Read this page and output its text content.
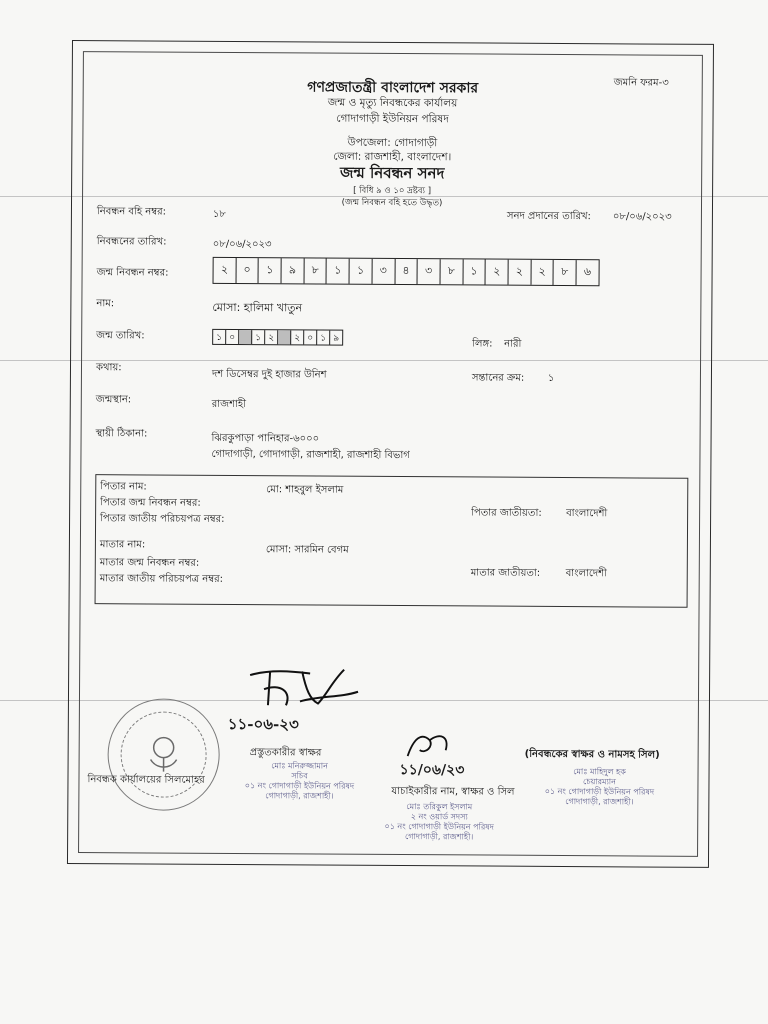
গণপ্রজাতন্ত্রী বাংলাদেশ সরকার	জমনি ফরম-৩
জন্ম ও মৃত্যু নিবন্ধকের কার্যালয়
গোদাগাড়ী ইউনিয়ন পরিষদ
উপজেলা: গোদাগাড়ী
জেলা: রাজশাহী, বাংলাদেশ।
জন্ম নিবন্ধন সনদ
[ বিধি ৯ ও ১০ দ্রষ্টব্য ]
(জন্ম নিবন্ধন বহি হতে উদ্ধৃত)
নিবন্ধন বহি নম্বর:	১৮	সনদ প্রদানের তারিখ: ০৮/০৬/২০২৩
নিবন্ধনের তারিখ:	০৮/০৬/২০২৩
জন্ম নিবন্ধন নম্বর:	২	০	১	৯	৮	১	১	৩	৪	৩	৮	১	২	২	২	৮	৬
নাম:	মোসা: হালিমা খাতুন
জন্ম তারিখ:	১ ০	১ ২	২ ০ ১ ৯
লিঙ্গ: নারী
কথায়:
দশ ডিসেম্বর দুই হাজার উনিশ	সন্তানের ক্রম: ১
জন্মস্থান:	রাজশাহী
স্থায়ী ঠিকানা:	ঝিরকুপাড়া পানিহার-৬০০০
গোদাগাড়ী, গোদাগাড়ী, রাজশাহী, রাজশাহী বিভাগ
পিতার নাম:	মো: শাহবুল ইসলাম
পিতার জন্ম নিবন্ধন নম্বর:
পিতার জাতীয় পরিচয়পত্র নম্বর:
পিতার জাতীয়তা: বাংলাদেশী
মাতার নাম:	মোসা: সারমিন বেগম
মাতার জন্ম নিবন্ধন নম্বর:
মাতার জাতীয় পরিচয়পত্র নম্বর:
মাতার জাতীয়তা:	বাংলাদেশী
১১-০৬-২৩
প্রস্তুতকারীর স্বাক্ষর
মোঃ মনিরুজ্জামান
সচিব
০১ নং গোদাগাড়ী ইউনিয়ন পরিষদ
গোদাগাড়ী, রাজশাহী।
নিবন্ধক কার্যালয়ের সিলমোহর
১১/০৬/২৩
যাচাইকারীর নাম, স্বাক্ষর ও সিল
মোঃ তরিকুল ইসলাম
২ নং ওয়ার্ড সদস্য
০১ নং গোদাগাড়ী ইউনিয়ন পরিষদ
গোদাগাড়ী, রাজশাহী।
(নিবন্ধকের স্বাক্ষর ও নামসহ সিল)
মোঃ মাহিদুল হক
চেয়ারম্যান
০১ নং গোদাগাড়ী ইউনিয়ন পরিষদ
গোদাগাড়ী, রাজশাহী।
